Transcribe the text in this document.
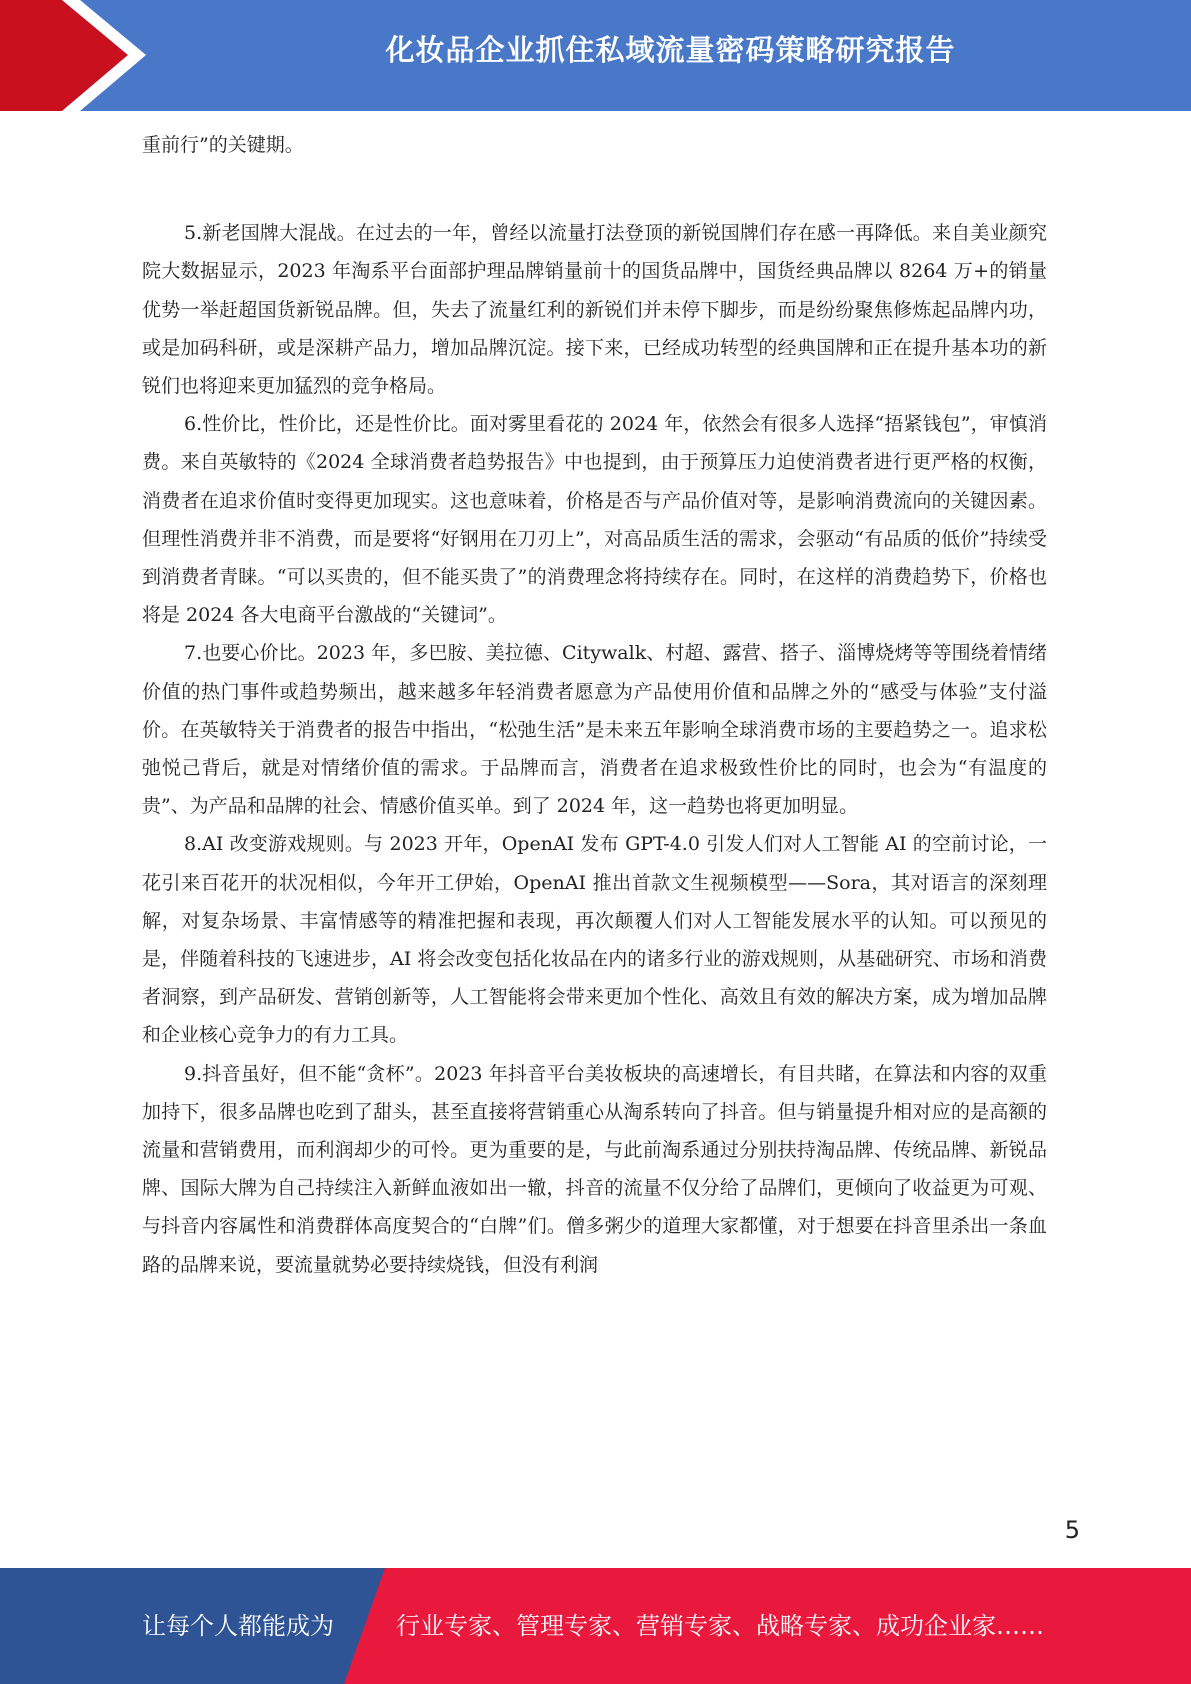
化妆品企业抓住私域流量密码策略研究报告

重前行”的关键期。

5.新老国牌大混战。在过去的一年，曾经以流量打法登顶的新锐国牌们存在感一再降低。来自美业颜究院大数据显示，2023 年淘系平台面部护理品牌销量前十的国货品牌中，国货经典品牌以 8264 万+的销量优势一举赶超国货新锐品牌。但，失去了流量红利的新锐们并未停下脚步，而是纷纷聚焦修炼起品牌内功，或是加码科研，或是深耕产品力，增加品牌沉淀。接下来，已经成功转型的经典国牌和正在提升基本功的新锐们也将迎来更加猛烈的竞争格局。

6.性价比，性价比，还是性价比。面对雾里看花的 2024 年，依然会有很多人选择“捂紧钱包”，审慎消费。来自英敏特的《2024 全球消费者趋势报告》中也提到，由于预算压力迫使消费者进行更严格的权衡，消费者在追求价值时变得更加现实。这也意味着，价格是否与产品价值对等，是影响消费流向的关键因素。但理性消费并非不消费，而是要将“好钢用在刀刃上”，对高品质生活的需求，会驱动“有品质的低价”持续受到消费者青睐。“可以买贵的，但不能买贵了”的消费理念将持续存在。同时，在这样的消费趋势下，价格也将是 2024 各大电商平台激战的“关键词”。

7.也要心价比。2023 年，多巴胺、美拉德、Citywalk、村超、露营、搭子、淄博烧烤等等围绕着情绪价值的热门事件或趋势频出，越来越多年轻消费者愿意为产品使用价值和品牌之外的“感受与体验”支付溢价。在英敏特关于消费者的报告中指出，“松弛生活”是未来五年影响全球消费市场的主要趋势之一。追求松弛悦己背后，就是对情绪价值的需求。于品牌而言，消费者在追求极致性价比的同时，也会为“有温度的贵”、为产品和品牌的社会、情感价值买单。到了 2024 年，这一趋势也将更加明显。

8.AI 改变游戏规则。与 2023 开年，OpenAI 发布 GPT-4.0 引发人们对人工智能 AI 的空前讨论，一花引来百花开的状况相似，今年开工伊始，OpenAI 推出首款文生视频模型——Sora，其对语言的深刻理解，对复杂场景、丰富情感等的精准把握和表现，再次颠覆人们对人工智能发展水平的认知。可以预见的是，伴随着科技的飞速进步，AI 将会改变包括化妆品在内的诸多行业的游戏规则，从基础研究、市场和消费者洞察，到产品研发、营销创新等，人工智能将会带来更加个性化、高效且有效的解决方案，成为增加品牌和企业核心竞争力的有力工具。

9.抖音虽好，但不能“贪杯”。2023 年抖音平台美妆板块的高速增长，有目共睹，在算法和内容的双重加持下，很多品牌也吃到了甜头，甚至直接将营销重心从淘系转向了抖音。但与销量提升相对应的是高额的流量和营销费用，而利润却少的可怜。更为重要的是，与此前淘系通过分别扶持淘品牌、传统品牌、新锐品牌、国际大牌为自己持续注入新鲜血液如出一辙，抖音的流量不仅分给了品牌们，更倾向了收益更为可观、与抖音内容属性和消费群体高度契合的“白牌”们。僧多粥少的道理大家都懂，对于想要在抖音里杀出一条血路的品牌来说，要流量就势必要持续烧钱，但没有利润

5
让每个人都能成为	行业专家、管理专家、营销专家、战略专家、成功企业家……
